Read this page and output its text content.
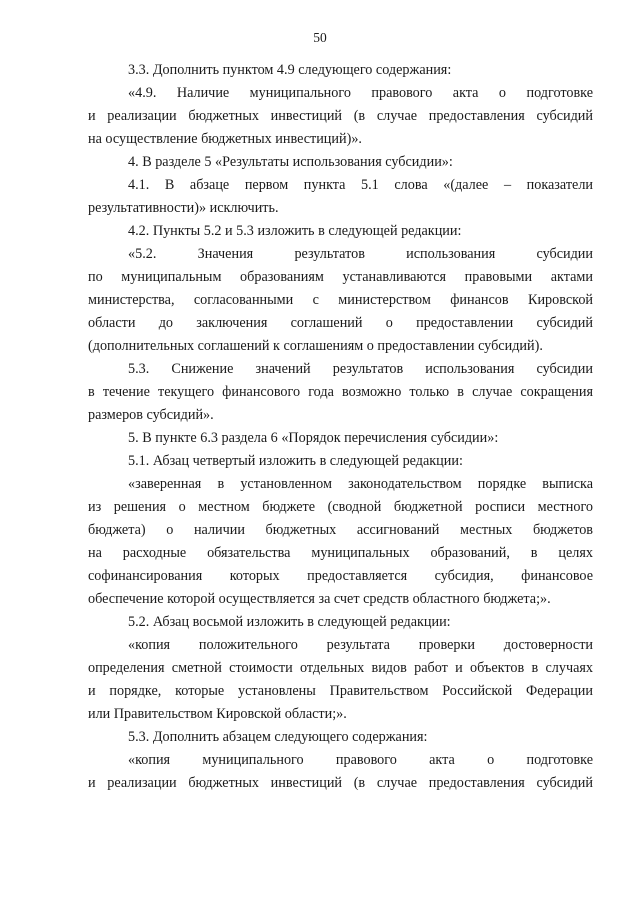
50
3.3. Дополнить пунктом 4.9 следующего содержания:
«4.9. Наличие муниципального правового акта о подготовке
и реализации бюджетных инвестиций (в случае предоставления субсидий
на осуществление бюджетных инвестиций)».
4. В разделе 5 «Результаты использования субсидии»:
4.1. В абзаце первом пункта 5.1 слова «(далее – показатели
результативности)» исключить.
4.2. Пункты 5.2 и 5.3 изложить в следующей редакции:
«5.2. Значения результатов использования субсидии
по муниципальным образованиям устанавливаются правовыми актами
министерства, согласованными с министерством финансов Кировской
области до заключения соглашений о предоставлении субсидий
(дополнительных соглашений к соглашениям о предоставлении субсидий).
5.3. Снижение значений результатов использования субсидии
в течение текущего финансового года возможно только в случае сокращения
размеров субсидий».
5. В пункте 6.3 раздела 6 «Порядок перечисления субсидии»:
5.1. Абзац четвертый изложить в следующей редакции:
«заверенная в установленном законодательством порядке выписка
из решения о местном бюджете (сводной бюджетной росписи местного
бюджета) о наличии бюджетных ассигнований местных бюджетов
на расходные обязательства муниципальных образований, в целях
софинансирования которых предоставляется субсидия, финансовое
обеспечение которой осуществляется за счет средств областного бюджета;».
5.2. Абзац восьмой изложить в следующей редакции:
«копия положительного результата проверки достоверности
определения сметной стоимости отдельных видов работ и объектов в случаях
и порядке, которые установлены Правительством Российской Федерации
или Правительством Кировской области;».
5.3. Дополнить абзацем следующего содержания:
«копия муниципального правового акта о подготовке
и реализации бюджетных инвестиций (в случае предоставления субсидий
